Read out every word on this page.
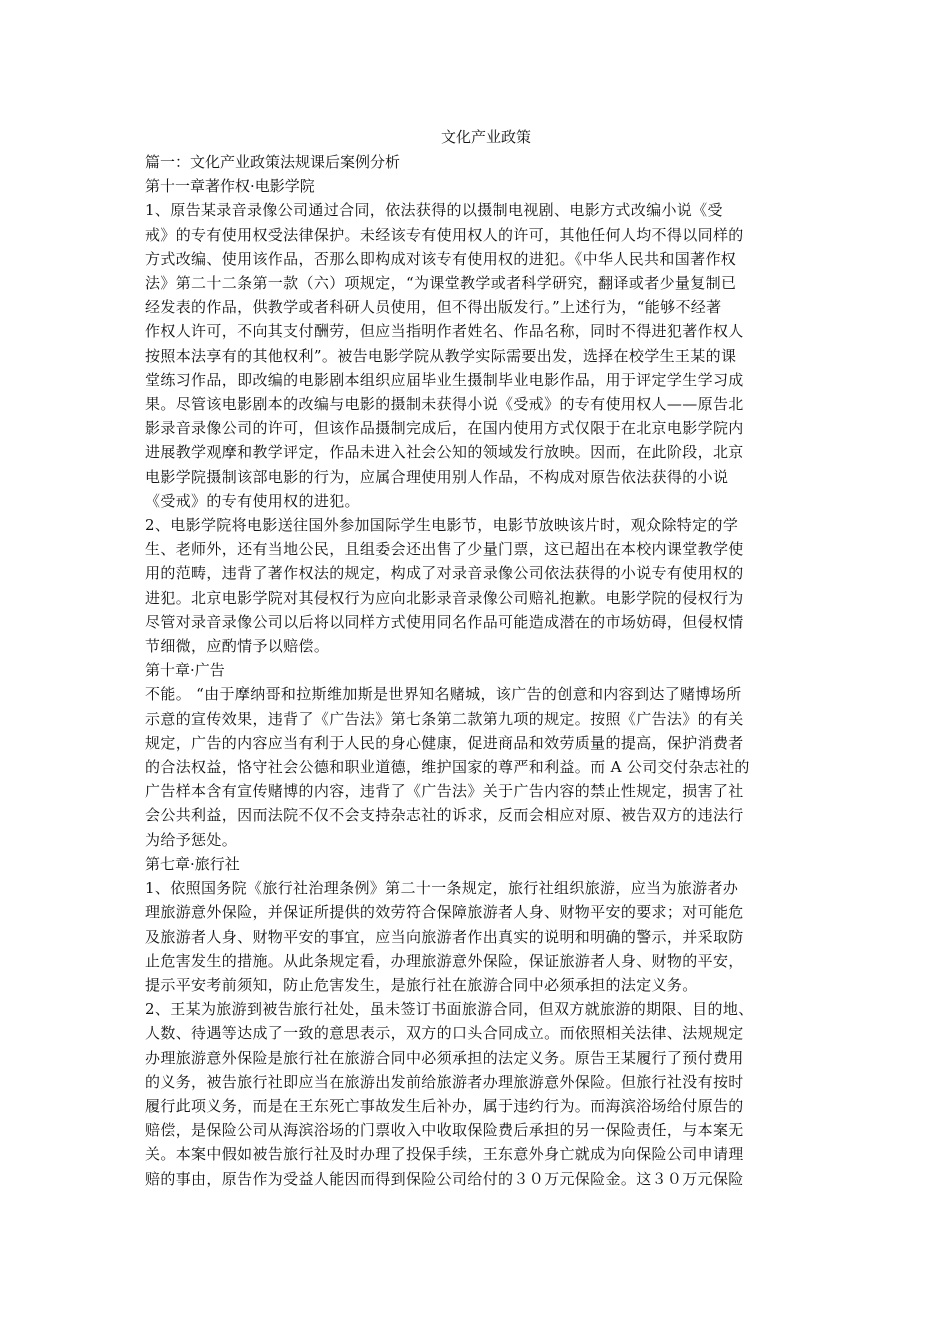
文化产业政策

篇一：文化产业政策法规课后案例分析

第十一章著作权·电影学院

1、原告某录音录像公司通过合同，依法获得的以摄制电视剧、电影方式改编小说《受

戒》的专有使用权受法律保护。未经该专有使用权人的许可，其他任何人均不得以同样的

方式改编、使用该作品，否那么即构成对该专有使用权的进犯。《中华人民共和国著作权

法》第二十二条第一款（六）项规定，“为课堂教学或者科学研究，翻译或者少量复制已

经发表的作品，供教学或者科研人员使用，但不得出版发行。”上述行为，“能够不经著

作权人许可，不向其支付酬劳，但应当指明作者姓名、作品名称，同时不得进犯著作权人

按照本法享有的其他权利”。被告电影学院从教学实际需要出发，选择在校学生王某的课

堂练习作品，即改编的电影剧本组织应届毕业生摄制毕业电影作品，用于评定学生学习成

果。尽管该电影剧本的改编与电影的摄制未获得小说《受戒》的专有使用权人——原告北

影录音录像公司的许可，但该作品摄制完成后，在国内使用方式仅限于在北京电影学院内

进展教学观摩和教学评定，作品未进入社会公知的领域发行放映。因而，在此阶段，北京

电影学院摄制该部电影的行为，应属合理使用别人作品，不构成对原告依法获得的小说

《受戒》的专有使用权的进犯。

2、电影学院将电影送往国外参加国际学生电影节，电影节放映该片时，观众除特定的学

生、老师外，还有当地公民，且组委会还出售了少量门票，这已超出在本校内课堂教学使

用的范畴，违背了著作权法的规定，构成了对录音录像公司依法获得的小说专有使用权的

进犯。北京电影学院对其侵权行为应向北影录音录像公司赔礼抱歉。电影学院的侵权行为

尽管对录音录像公司以后将以同样方式使用同名作品可能造成潜在的市场妨碍，但侵权情

节细微，应酌情予以赔偿。

第十章·广告

不能。 “由于摩纳哥和拉斯维加斯是世界知名赌城，该广告的创意和内容到达了赌博场所

示意的宣传效果，违背了《广告法》第七条第二款第九项的规定。按照《广告法》的有关

规定，广告的内容应当有利于人民的身心健康，促进商品和效劳质量的提高，保护消费者

的合法权益，恪守社会公德和职业道德，维护国家的尊严和利益。而 A 公司交付杂志社的

广告样本含有宣传赌博的内容，违背了《广告法》关于广告内容的禁止性规定，损害了社

会公共利益，因而法院不仅不会支持杂志社的诉求，反而会相应对原、被告双方的违法行

为给予惩处。

第七章·旅行社

1、依照国务院《旅行社治理条例》第二十一条规定，旅行社组织旅游，应当为旅游者办

理旅游意外保险，并保证所提供的效劳符合保障旅游者人身、财物平安的要求；对可能危

及旅游者人身、财物平安的事宜，应当向旅游者作出真实的说明和明确的警示，并采取防

止危害发生的措施。从此条规定看，办理旅游意外保险，保证旅游者人身、财物的平安，

提示平安考前须知，防止危害发生，是旅行社在旅游合同中必须承担的法定义务。

2、王某为旅游到被告旅行社处，虽未签订书面旅游合同，但双方就旅游的期限、目的地、

人数、待遇等达成了一致的意思表示，双方的口头合同成立。而依照相关法律、法规规定

办理旅游意外保险是旅行社在旅游合同中必须承担的法定义务。原告王某履行了预付费用

的义务，被告旅行社即应当在旅游出发前给旅游者办理旅游意外保险。但旅行社没有按时

履行此项义务，而是在王东死亡事故发生后补办，属于违约行为。而海滨浴场给付原告的

赔偿，是保险公司从海滨浴场的门票收入中收取保险费后承担的另一保险责任，与本案无

关。本案中假如被告旅行社及时办理了投保手续，王东意外身亡就成为向保险公司申请理

赔的事由，原告作为受益人能因而得到保险公司给付的３０万元保险金。这３０万元保险
